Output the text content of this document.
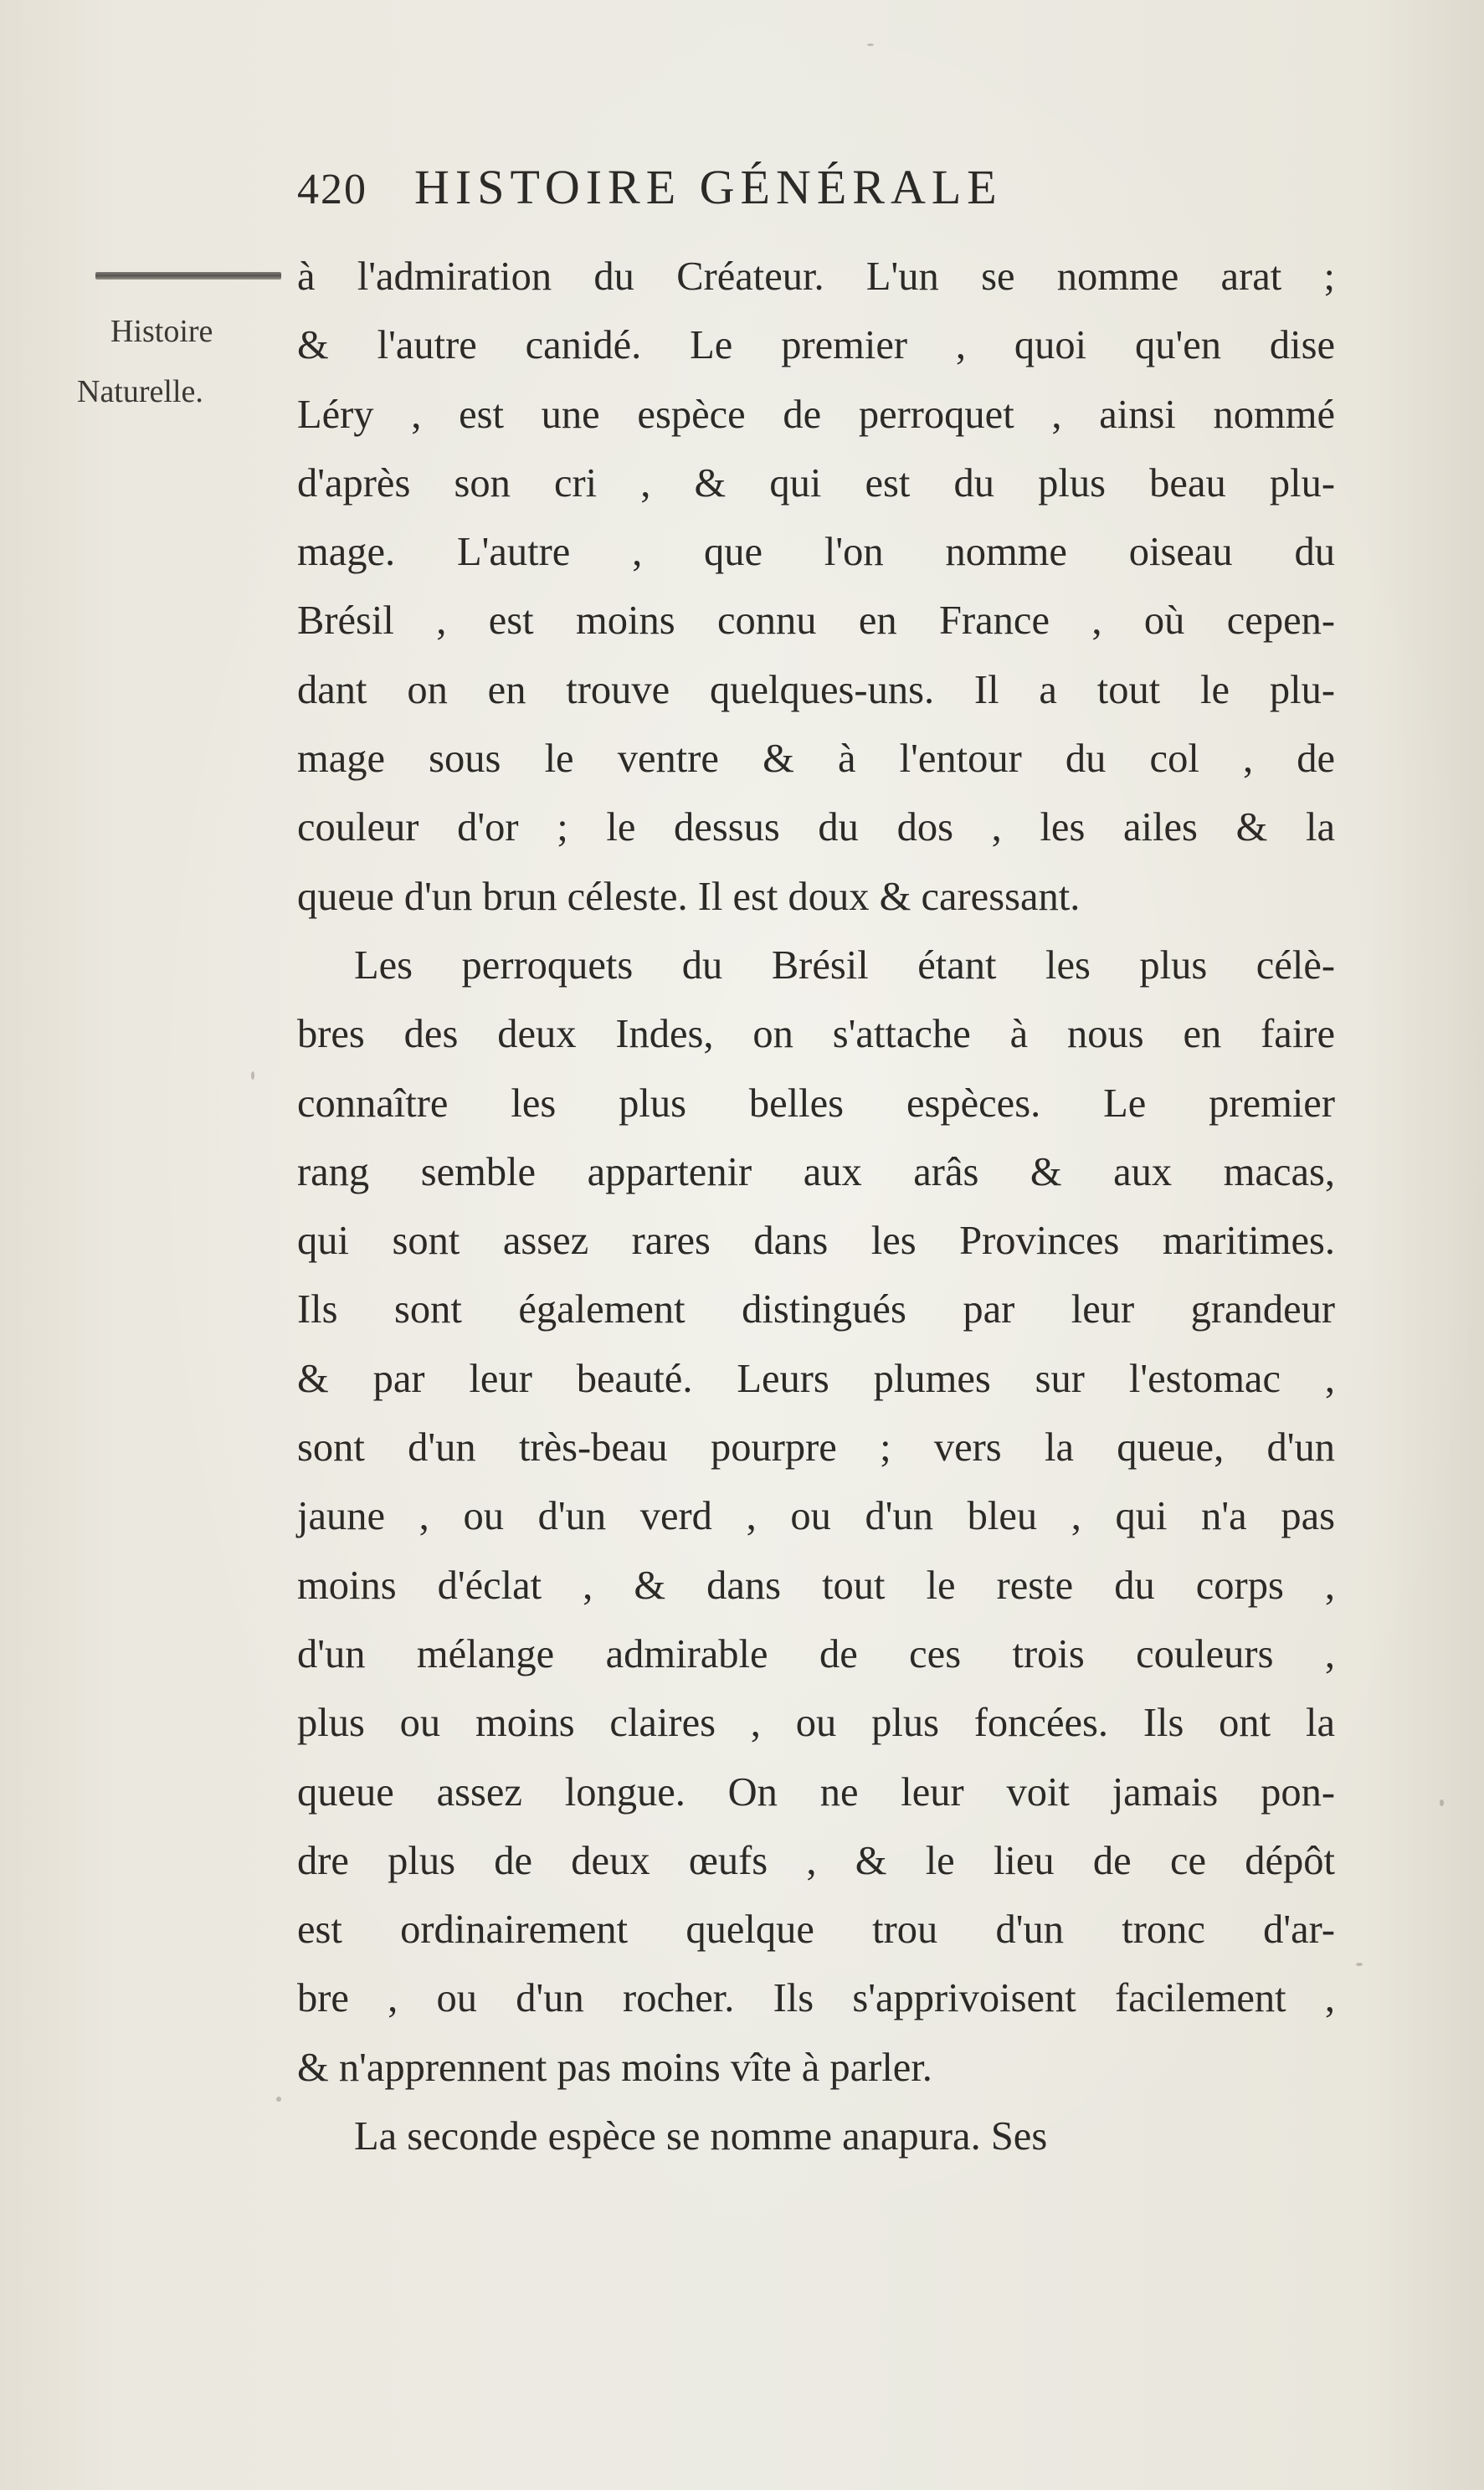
420 HISTOIRE GÉNÉRALE
Histoire
Naturelle.
à l'admiration du Créateur. L'un se nomme arat ;
& l'autre canidé. Le premier , quoi qu'en dise
Léry , est une espèce de perroquet , ainsi nommé
d'après son cri , & qui est du plus beau plu-
mage. L'autre , que l'on nomme oiseau du
Brésil , est moins connu en France , où cepen-
dant on en trouve quelques-uns. Il a tout le plu-
mage sous le ventre & à l'entour du col , de
couleur d'or ; le dessus du dos , les ailes & la
queue d'un brun céleste. Il est doux & caressant.
Les perroquets du Brésil étant les plus célè-
bres des deux Indes, on s'attache à nous en faire
connaître les plus belles espèces. Le premier
rang semble appartenir aux arâs & aux macas,
qui sont assez rares dans les Provinces maritimes.
Ils sont également distingués par leur grandeur
& par leur beauté. Leurs plumes sur l'estomac ,
sont d'un très-beau pourpre ; vers la queue, d'un
jaune , ou d'un verd , ou d'un bleu , qui n'a pas
moins d'éclat , & dans tout le reste du corps ,
d'un mélange admirable de ces trois couleurs ,
plus ou moins claires , ou plus foncées. Ils ont la
queue assez longue. On ne leur voit jamais pon-
dre plus de deux œufs , & le lieu de ce dépôt
est ordinairement quelque trou d'un tronc d'ar-
bre , ou d'un rocher. Ils s'apprivoisent facilement ,
& n'apprennent pas moins vîte à parler.
La seconde espèce se nomme anapura. Ses
